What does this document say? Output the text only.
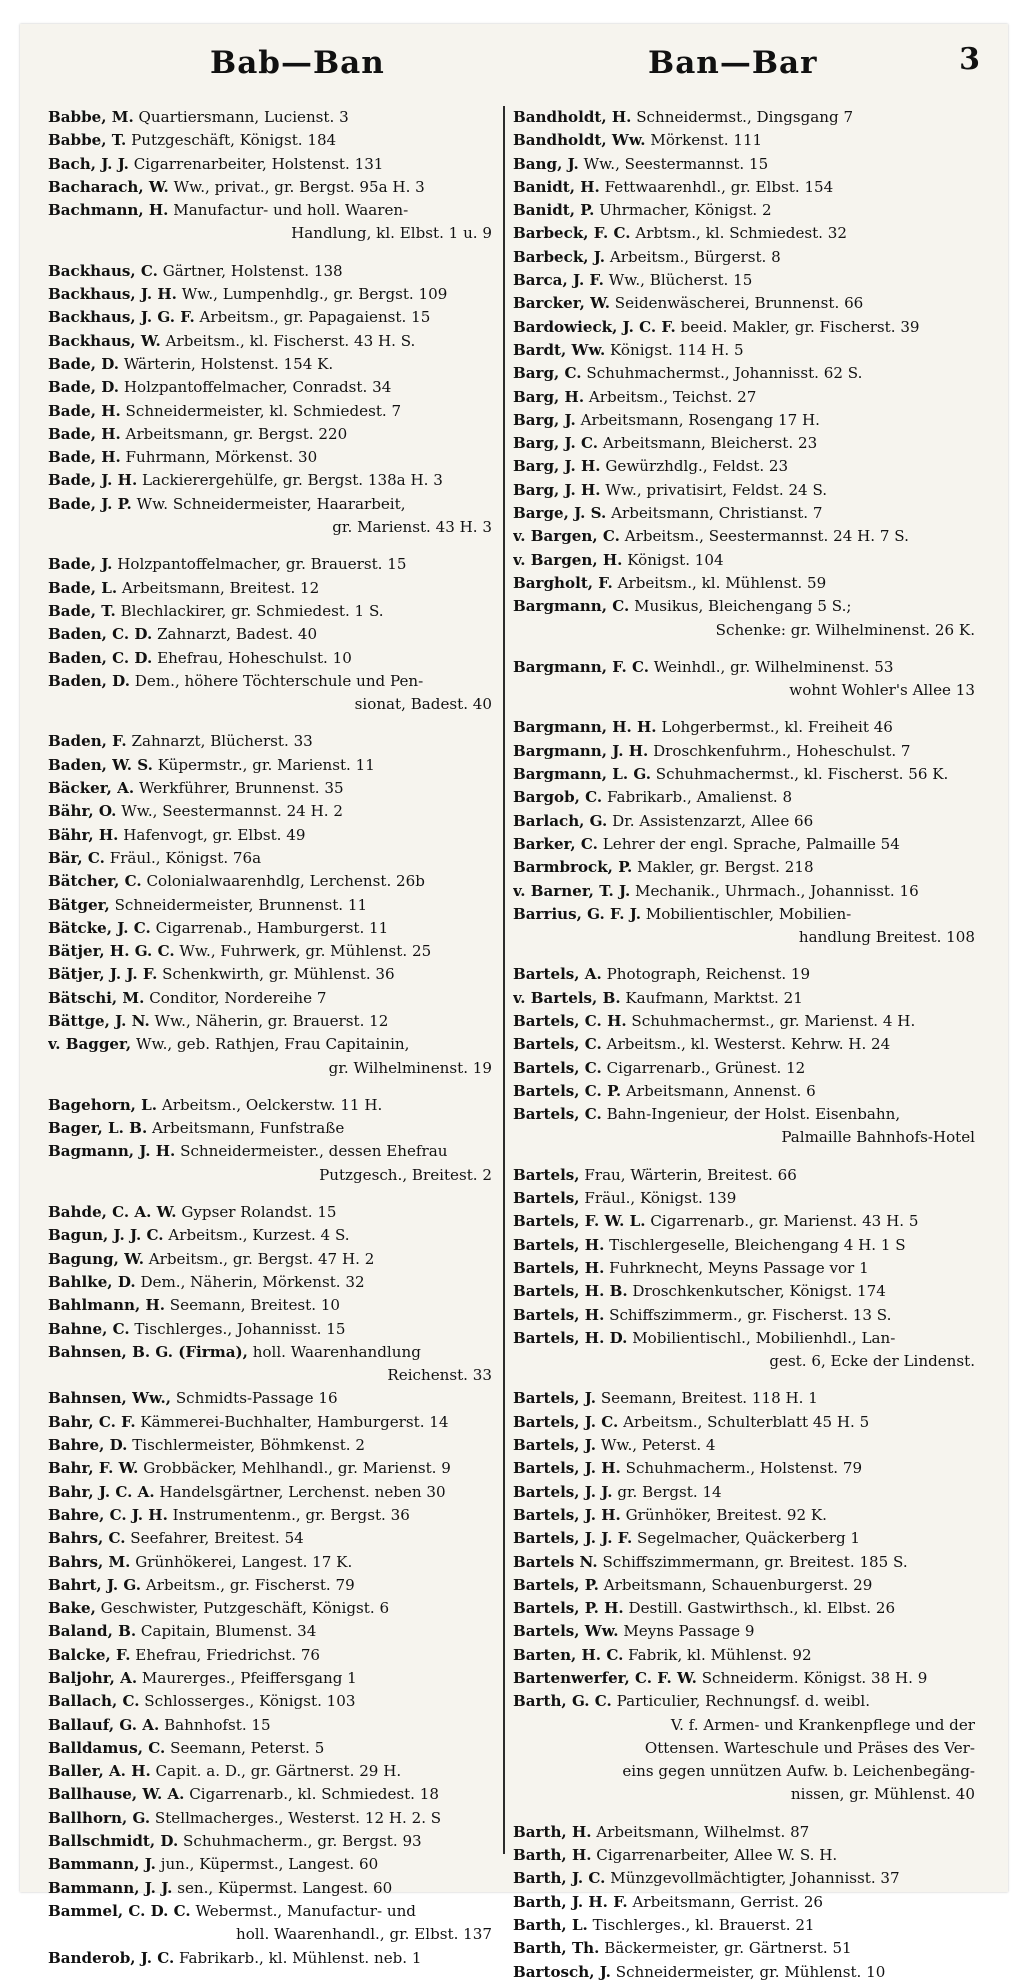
Bab—Ban	Ban—Bar	3
Babbe, M. Quartiersmann, Lucienst. 3
Babbe, T. Putzgeschäft, Königst. 184
Bach, J. J. Cigarrenarbeiter, Holstenst. 131
Bacharach, W. Ww., privat., gr. Bergst. 95a H. 3
Bachmann, H. Manufactur- und holl. Waaren-
Handlung, kl. Elbst. 1 u. 9
Backhaus, C. Gärtner, Holstenst. 138
Backhaus, J. H. Ww., Lumpenhdlg., gr. Bergst. 109
Backhaus, J. G. F. Arbeitsm., gr. Papagaienst. 15
Backhaus, W. Arbeitsm., kl. Fischerst. 43 H. S.
Bade, D. Wärterin, Holstenst. 154 K.
Bade, D. Holzpantoffelmacher, Conradst. 34
Bade, H. Schneidermeister, kl. Schmiedest. 7
Bade, H. Arbeitsmann, gr. Bergst. 220
Bade, H. Fuhrmann, Mörkenst. 30
Bade, J. H. Lackierergehülfe, gr. Bergst. 138a H. 3
Bade, J. P. Ww. Schneidermeister, Haararbeit,
gr. Marienst. 43 H. 3
Bade, J. Holzpantoffelmacher, gr. Brauerst. 15
Bade, L. Arbeitsmann, Breitest. 12
Bade, T. Blechlackirer, gr. Schmiedest. 1 S.
Baden, C. D. Zahnarzt, Badest. 40
Baden, C. D. Ehefrau, Hoheschulst. 10
Baden, D. Dem., höhere Töchterschule und Pen-
sionat, Badest. 40
Baden, F. Zahnarzt, Blücherst. 33
Baden, W. S. Küpermstr., gr. Marienst. 11
Bäcker, A. Werkführer, Brunnenst. 35
Bähr, O. Ww., Seestermannst. 24 H. 2
Bähr, H. Hafenvogt, gr. Elbst. 49
Bär, C. Fräul., Königst. 76a
Bätcher, C. Colonialwaarenhdlg, Lerchenst. 26b
Bätger, Schneidermeister, Brunnenst. 11
Bätcke, J. C. Cigarrenab., Hamburgerst. 11
Bätjer, H. G. C. Ww., Fuhrwerk, gr. Mühlenst. 25
Bätjer, J. J. F. Schenkwirth, gr. Mühlenst. 36
Bätschi, M. Conditor, Nordereihe 7
Bättge, J. N. Ww., Näherin, gr. Brauerst. 12
v. Bagger, Ww., geb. Rathjen, Frau Capitainin,
gr. Wilhelminenst. 19
Bagehorn, L. Arbeitsm., Oelckerstw. 11 H.
Bager, L. B. Arbeitsmann, Funfstraße
Bagmann, J. H. Schneidermeister., dessen Ehefrau
Putzgesch., Breitest. 2
Bahde, C. A. W. Gypser Rolandst. 15
Bagun, J. J. C. Arbeitsm., Kurzest. 4 S.
Bagung, W. Arbeitsm., gr. Bergst. 47 H. 2
Bahlke, D. Dem., Näherin, Mörkenst. 32
Bahlmann, H. Seemann, Breitest. 10
Bahne, C. Tischlerges., Johannisst. 15
Bahnsen, B. G. (Firma), holl. Waarenhandlung
Reichenst. 33
Bahnsen, Ww., Schmidts-Passage 16
Bahr, C. F. Kämmerei-Buchhalter, Hamburgerst. 14
Bahre, D. Tischlermeister, Böhmkenst. 2
Bahr, F. W. Grobbäcker, Mehlhandl., gr. Marienst. 9
Bahr, J. C. A. Handelsgärtner, Lerchenst. neben 30
Bahre, C. J. H. Instrumentenm., gr. Bergst. 36
Bahrs, C. Seefahrer, Breitest. 54
Bahrs, M. Grünhökerei, Langest. 17 K.
Bahrt, J. G. Arbeitsm., gr. Fischerst. 79
Bake, Geschwister, Putzgeschäft, Königst. 6
Baland, B. Capitain, Blumenst. 34
Balcke, F. Ehefrau, Friedrichst. 76
Baljohr, A. Maurerges., Pfeiffersgang 1
Ballach, C. Schlosserges., Königst. 103
Ballauf, G. A. Bahnhofst. 15
Balldamus, C. Seemann, Peterst. 5
Baller, A. H. Capit. a. D., gr. Gärtnerst. 29 H.
Ballhause, W. A. Cigarrenarb., kl. Schmiedest. 18
Ballhorn, G. Stellmacherges., Westerst. 12 H. 2. S
Ballschmidt, D. Schuhmacherm., gr. Bergst. 93
Bammann, J. jun., Küpermst., Langest. 60
Bammann, J. J. sen., Küpermst. Langest. 60
Bammel, C. D. C. Webermst., Manufactur- und
holl. Waarenhandl., gr. Elbst. 137
Banderob, J. C. Fabrikarb., kl. Mühlenst. neb. 1
Bandholdt, H. Schneidermst., Dingsgang 7
Bandholdt, Ww. Mörkenst. 111
Bang, J. Ww., Seestermannst. 15
Banidt, H. Fettwaarenhdl., gr. Elbst. 154
Banidt, P. Uhrmacher, Königst. 2
Barbeck, F. C. Arbtsm., kl. Schmiedest. 32
Barbeck, J. Arbeitsm., Bürgerst. 8
Barca, J. F. Ww., Blücherst. 15
Barcker, W. Seidenwäscherei, Brunnenst. 66
Bardowieck, J. C. F. beeid. Makler, gr. Fischerst. 39
Bardt, Ww. Königst. 114 H. 5
Barg, C. Schuhmachermst., Johannisst. 62 S.
Barg, H. Arbeitsm., Teichst. 27
Barg, J. Arbeitsmann, Rosengang 17 H.
Barg, J. C. Arbeitsmann, Bleicherst. 23
Barg, J. H. Gewürzhdlg., Feldst. 23
Barg, J. H. Ww., privatisirt, Feldst. 24 S.
Barge, J. S. Arbeitsmann, Christianst. 7
v. Bargen, C. Arbeitsm., Seestermannst. 24 H. 7 S.
v. Bargen, H. Königst. 104
Bargholt, F. Arbeitsm., kl. Mühlenst. 59
Bargmann, C. Musikus, Bleichengang 5 S.;
Schenke: gr. Wilhelminenst. 26 K.
Bargmann, F. C. Weinhdl., gr. Wilhelminenst. 53
wohnt Wohler's Allee 13
Bargmann, H. H. Lohgerbermst., kl. Freiheit 46
Bargmann, J. H. Droschkenfuhrm., Hoheschulst. 7
Bargmann, L. G. Schuhmachermst., kl. Fischerst. 56 K.
Bargob, C. Fabrikarb., Amalienst. 8
Barlach, G. Dr. Assistenzarzt, Allee 66
Barker, C. Lehrer der engl. Sprache, Palmaille 54
Barmbrock, P. Makler, gr. Bergst. 218
v. Barner, T. J. Mechanik., Uhrmach., Johannisst. 16
Barrius, G. F. J. Mobilientischler, Mobilien-
handlung Breitest. 108
Bartels, A. Photograph, Reichenst. 19
v. Bartels, B. Kaufmann, Marktst. 21
Bartels, C. H. Schuhmachermst., gr. Marienst. 4 H.
Bartels, C. Arbeitsm., kl. Westerst. Kehrw. H. 24
Bartels, C. Cigarrenarb., Grünest. 12
Bartels, C. P. Arbeitsmann, Annenst. 6
Bartels, C. Bahn-Ingenieur, der Holst. Eisenbahn,
Palmaille Bahnhofs-Hotel
Bartels, Frau, Wärterin, Breitest. 66
Bartels, Fräul., Königst. 139
Bartels, F. W. L. Cigarrenarb., gr. Marienst. 43 H. 5
Bartels, H. Tischlergeselle, Bleichengang 4 H. 1 S
Bartels, H. Fuhrknecht, Meyns Passage vor 1
Bartels, H. B. Droschkenkutscher, Königst. 174
Bartels, H. Schiffszimmerm., gr. Fischerst. 13 S.
Bartels, H. D. Mobilientischl., Mobilienhdl., Lan-
gest. 6, Ecke der Lindenst.
Bartels, J. Seemann, Breitest. 118 H. 1
Bartels, J. C. Arbeitsm., Schulterblatt 45 H. 5
Bartels, J. Ww., Peterst. 4
Bartels, J. H. Schuhmacherm., Holstenst. 79
Bartels, J. J. gr. Bergst. 14
Bartels, J. H. Grünhöker, Breitest. 92 K.
Bartels, J. J. F. Segelmacher, Quäckerberg 1
Bartels N. Schiffszimmermann, gr. Breitest. 185 S.
Bartels, P. Arbeitsmann, Schauenburgerst. 29
Bartels, P. H. Destill. Gastwirthsch., kl. Elbst. 26
Bartels, Ww. Meyns Passage 9
Barten, H. C. Fabrik, kl. Mühlenst. 92
Bartenwerfer, C. F. W. Schneiderm. Königst. 38 H. 9
Barth, G. C. Particulier, Rechnungsf. d. weibl.
V. f. Armen- und Krankenpflege und der
Ottensen. Warteschule und Präses des Ver-
eins gegen unnützen Aufw. b. Leichenbegäng-
nissen, gr. Mühlenst. 40
Barth, H. Arbeitsmann, Wilhelmst. 87
Barth, H. Cigarrenarbeiter, Allee W. S. H.
Barth, J. C. Münzgevollmächtigter, Johannisst. 37
Barth, J. H. F. Arbeitsmann, Gerrist. 26
Barth, L. Tischlerges., kl. Brauerst. 21
Barth, Th. Bäckermeister, gr. Gärtnerst. 51
Bartosch, J. Schneidermeister, gr. Mühlenst. 10
